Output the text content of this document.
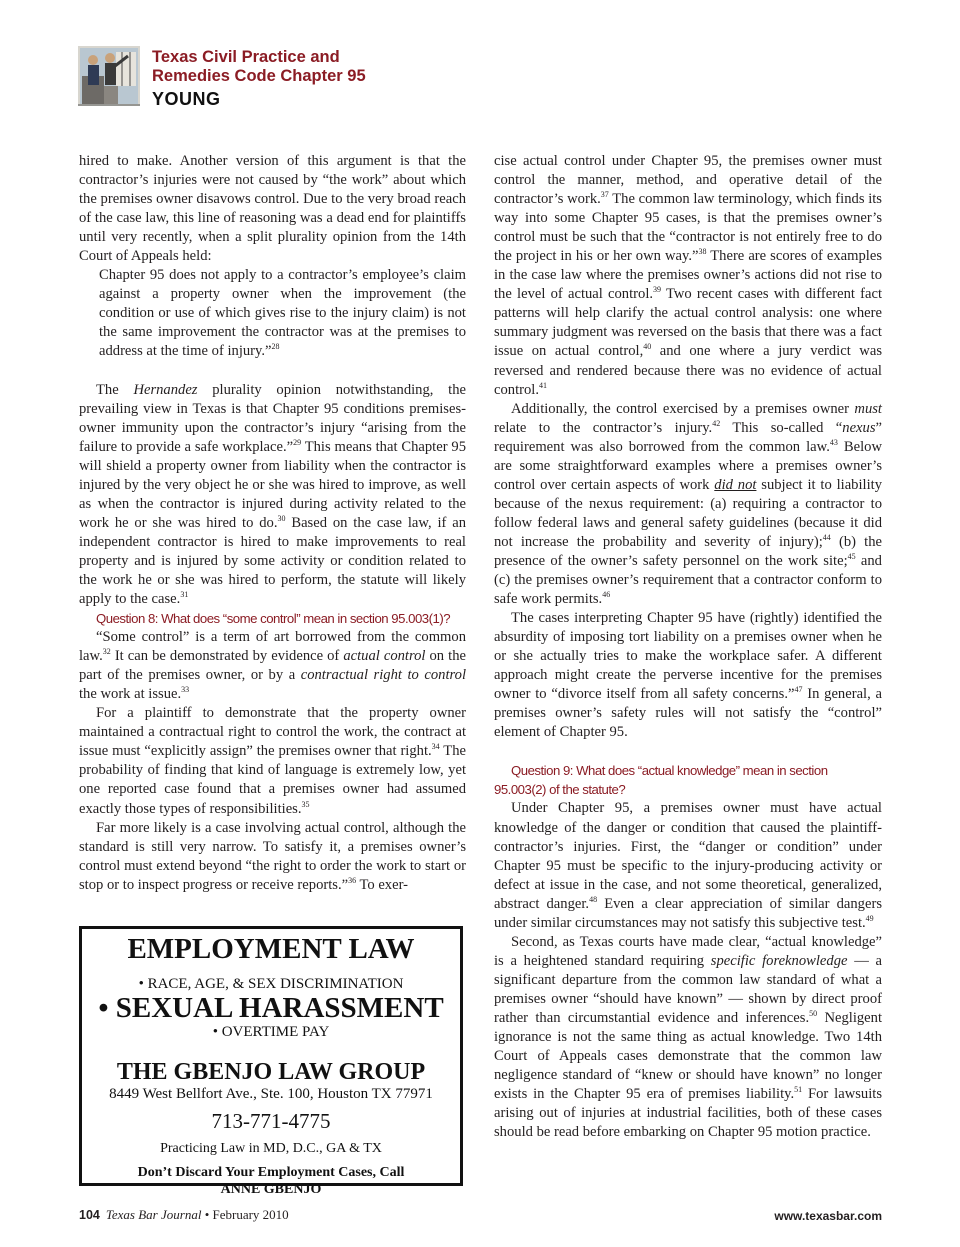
Texas Civil Practice and
Remedies Code Chapter 95
YOUNG

hired to make. Another version of this argument is that the contractor’s injuries were not caused by “the work” about which the premises owner disavows control. Due to the very broad reach of the case law, this line of reasoning was a dead end for plaintiffs until very recently, when a split plurality opinion from the 14th Court of Appeals held:

Chapter 95 does not apply to a contractor’s employee’s claim against a property owner when the improvement (the condition or use of which gives rise to the injury claim) is not the same improvement the contractor was at the premises to address at the time of injury.”$^{28}$

The Hernandez plurality opinion notwithstanding, the prevailing view in Texas is that Chapter 95 conditions premises-owner immunity upon the contractor’s injury “arising from the failure to provide a safe workplace.”$^{29}$ This means that Chapter 95 will shield a property owner from liability when the contractor is injured by the very object he or she was hired to improve, as well as when the contractor is injured during activity related to the work he or she was hired to do.$^{30}$ Based on the case law, if an independent contractor is hired to make improvements to real property and is injured by some activity or condition related to the work he or she was hired to perform, the statute will likely apply to the case.$^{31}$

Question 8: What does “some control” mean in section 95.003(1)?

“Some control” is a term of art borrowed from the common law.$^{32}$ It can be demonstrated by evidence of actual control on the part of the premises owner, or by a contractual right to control the work at issue.$^{33}$

For a plaintiff to demonstrate that the property owner maintained a contractual right to control the work, the contract at issue must “explicitly assign” the premises owner that right.$^{34}$ The probability of finding that kind of language is extremely low, yet one reported case found that a premises owner had assumed exactly those types of responsibilities.$^{35}$

Far more likely is a case involving actual control, although the standard is still very narrow. To satisfy it, a premises owner’s control must extend beyond “the right to order the work to start or stop or to inspect progress or receive reports.”$^{36}$ To exer-

EMPLOYMENT LAW
• RACE, AGE, & SEX DISCRIMINATION
• SEXUAL HARASSMENT
• OVERTIME PAY
THE GBENJO LAW GROUP
8449 West Bellfort Ave., Ste. 100, Houston TX 77971
713-771-4775
Practicing Law in MD, D.C., GA & TX
Don’t Discard Your Employment Cases, Call
ANNE GBENJO

cise actual control under Chapter 95, the premises owner must control the manner, method, and operative detail of the contractor’s work.$^{37}$ The common law terminology, which finds its way into some Chapter 95 cases, is that the premises owner’s control must be such that the “contractor is not entirely free to do the project in his or her own way.”$^{38}$ There are scores of examples in the case law where the premises owner’s actions did not rise to the level of actual control.$^{39}$ Two recent cases with different fact patterns will help clarify the actual control analysis: one where summary judgment was reversed on the basis that there was a fact issue on actual control,$^{40}$ and one where a jury verdict was reversed and rendered because there was no evidence of actual control.$^{41}$

Additionally, the control exercised by a premises owner must relate to the contractor’s injury.$^{42}$ This so-called “nexus” requirement was also borrowed from the common law.$^{43}$ Below are some straightforward examples where a premises owner’s control over certain aspects of work did not subject it to liability because of the nexus requirement: (a) requiring a contractor to follow federal laws and general safety guidelines (because it did not increase the probability and severity of injury);$^{44}$ (b) the presence of the owner’s safety personnel on the work site;$^{45}$ and (c) the premises owner’s requirement that a contractor conform to safe work permits.$^{46}$

The cases interpreting Chapter 95 have (rightly) identified the absurdity of imposing tort liability on a premises owner when he or she actually tries to make the workplace safer. A different approach might create the perverse incentive for the premises owner to “divorce itself from all safety concerns.”$^{47}$ In general, a premises owner’s safety rules will not satisfy the “control” element of Chapter 95.

Question 9: What does “actual knowledge” mean in section 95.003(2) of the statute?

Under Chapter 95, a premises owner must have actual knowledge of the danger or condition that caused the plaintiff-contractor’s injuries. First, the “danger or condition” under Chapter 95 must be specific to the injury-producing activity or defect at issue in the case, and not some theoretical, generalized, abstract danger.$^{48}$ Even a clear appreciation of similar dangers under similar circumstances may not satisfy this subjective test.$^{49}$

Second, as Texas courts have made clear, “actual knowledge” is a heightened standard requiring specific foreknowledge — a significant departure from the common law standard of what a premises owner “should have known” — shown by direct proof rather than circumstantial evidence and inferences.$^{50}$ Negligent ignorance is not the same thing as actual knowledge. Two 14th Court of Appeals cases demonstrate that the common law negligence standard of “knew or should have known” no longer exists in the Chapter 95 era of premises liability.$^{51}$ For lawsuits arising out of injuries at industrial facilities, both of these cases should be read before embarking on Chapter 95 motion practice.

104 Texas Bar Journal • February 2010	www.texasbar.com
